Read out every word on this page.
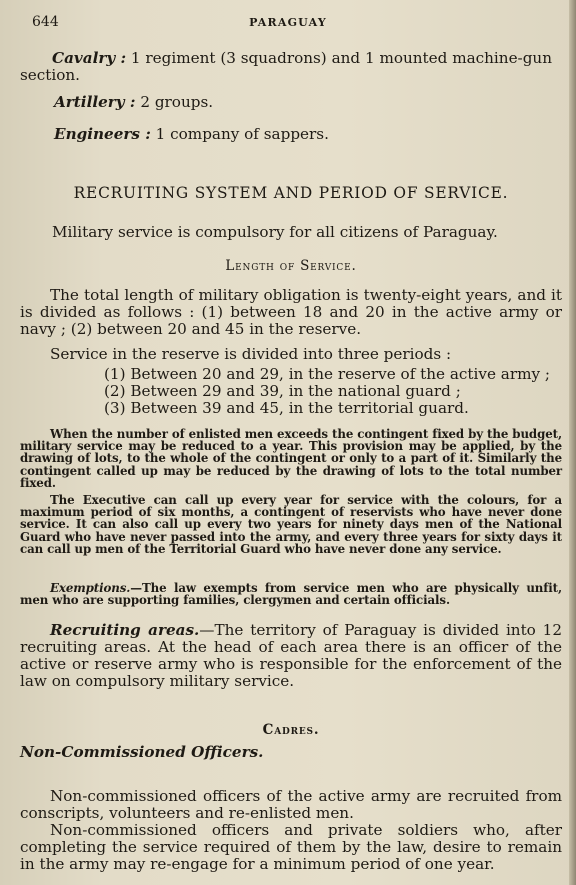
644	PARAGUAY

Cavalry : 1 regiment (3 squadrons) and 1 mounted machine-gun section.

Artillery : 2 groups.
Engineers : 1 company of sappers.
RECRUITING SYSTEM AND PERIOD OF SERVICE.
Military service is compulsory for all citizens of Paraguay.
Length of Service.
The total length of military obligation is twenty-eight years, and it is divided as follows : (1) between 18 and 20 in the active army or navy ; (2) between 20 and 45 in the reserve.
Service in the reserve is divided into three periods :
(1) Between 20 and 29, in the reserve of the active army ;
(2) Between 29 and 39, in the national guard ;
(3) Between 39 and 45, in the territorial guard.
When the number of enlisted men exceeds the contingent fixed by the budget, military service may be reduced to a year. This provision may be applied, by the drawing of lots, to the whole of the contingent or only to a part of it. Similarly the contingent called up may be reduced by the drawing of lots to the total number fixed.
The Executive can call up every year for service with the colours, for a maximum period of six months, a contingent of reservists who have never done service. It can also call up every two years for ninety days men of the National Guard who have never passed into the army, and every three years for sixty days it can call up men of the Territorial Guard who have never done any service.
Exemptions.—The law exempts from service men who are physically unfit, men who are supporting families, clergymen and certain officials.
Recruiting areas.—The territory of Paraguay is divided into 12 recruiting areas. At the head of each area there is an officer of the active or reserve army who is responsible for the enforcement of the law on compulsory military service.
Cadres.
Non-Commissioned Officers.
Non-commissioned officers of the active army are recruited from conscripts, volunteers and re-enlisted men.
Non-commissioned officers and private soldiers who, after completing the service required of them by the law, desire to remain in the army may re-engage for a minimum period of one year.
